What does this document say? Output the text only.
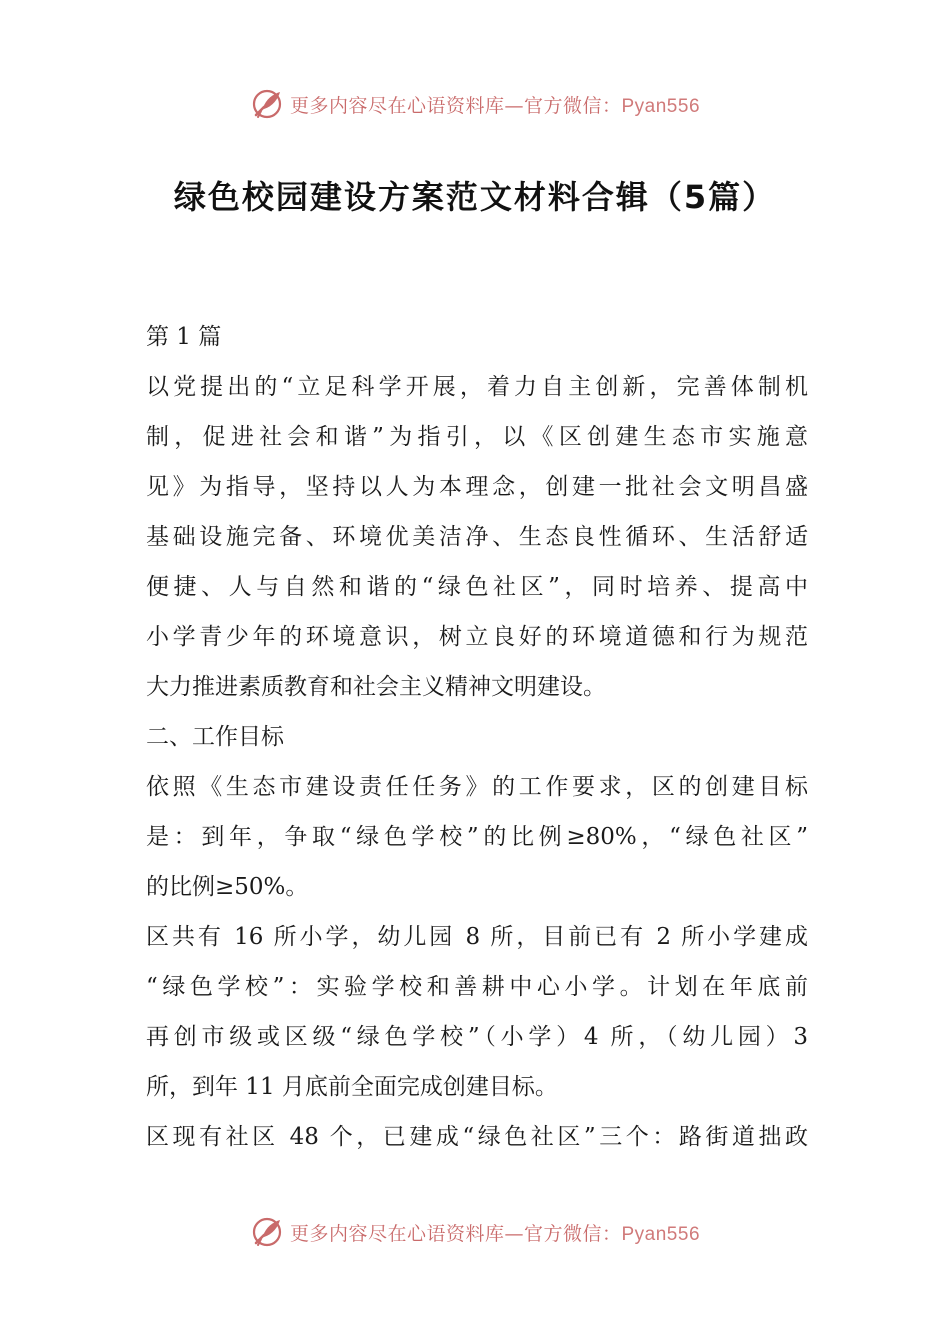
更多内容尽在心语资料库—官方微信：Pyan556
绿色校园建设方案范文材料合辑（5篇）
第 1 篇
以党提出的“立足科学开展，着力自主创新，完善体制机
制，促进社会和谐”为指引，以《区创建生态市实施意
见》为指导，坚持以人为本理念，创建一批社会文明昌盛
基础设施完备、环境优美洁净、生态良性循环、生活舒适
便捷、人与自然和谐的“绿色社区”，同时培养、提高中
小学青少年的环境意识，树立良好的环境道德和行为规范
大力推进素质教育和社会主义精神文明建设。
二、工作目标
依照《生态市建设责任任务》的工作要求，区的创建目标
是：到年，争取“绿色学校”的比例≥80%，“绿色社区”
的比例≥50%。
区共有 16 所小学，幼儿园 8 所，目前已有 2 所小学建成
“绿色学校”：实验学校和善耕中心小学。计划在年底前
再创市级或区级“绿色学校”（小学）4 所，（幼儿园）3
所，到年 11 月底前全面完成创建目标。
区现有社区 48 个，已建成“绿色社区”三个：路街道拙政
更多内容尽在心语资料库—官方微信：Pyan556
